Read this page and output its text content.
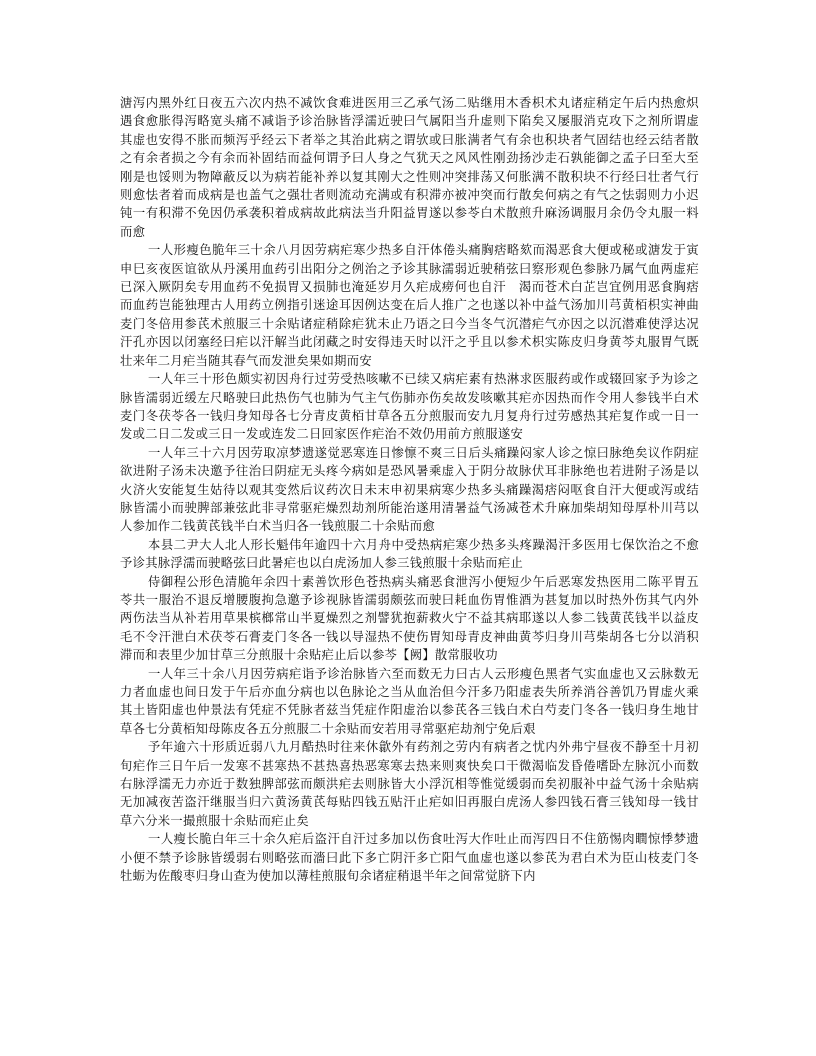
溏泻内黑外红日夜五六次内热不减饮食难进医用三乙承气汤二贴继用木香枳术丸诸症稍定午后内热愈炽遇食愈胀得泻略宽头痛不减诣予诊治脉皆浮濡近驶曰气属阳当升虚则下陷矣又屡服消克攻下之剂所谓虚其虚也安得不胀而频泻乎经云下者举之其治此病之谓欤或曰胀满者气有余也积块者气固结也经云结者散之有余者损之今有余而补固结而益何谓予曰人身之气犹天之风风性刚劲扬沙走石孰能御之孟子曰至大至刚是也馁则为物障蔽反以为病若能补养以复其刚大之性则冲突排荡又何胀满不散积块不行经曰壮者气行则愈怯者着而成病是也盖气之强壮者则流动充满或有积滞亦被冲突而行散矣何病之有气之怯弱则力小迟钝一有积滞不免因仍承袭积着成病故此病法当升阳益胃遂以参苓白术散煎升麻汤调服月余仍令丸服一料而愈

一人形瘦色脆年三十余八月因劳病疟寒少热多自汗体倦头痛胸痞略欬而渴恶食大便或秘或溏发于寅申巳亥夜医谊欲从丹溪用血药引出阳分之例治之予诊其脉濡弱近驶稍弦曰察形观色参脉乃属气血两虚疟已深入厥阴矣专用血药不免损胃又损肺也淹延岁月久疟成痨何也自汗　渴而苍术白芷岂宜例用恶食胸痞而血药岂能独理古人用药立例指引迷途耳因例达变在后人推广之也遂以补中益气汤加川芎黄栢枳实神曲麦门冬倍用参芪术煎服三十余贴诸症稍除疟犹未止乃语之曰今当冬气沉潜疟气亦因之以沉潜难使浮达况汗孔亦因以闭塞经曰疟以汗解当此闭藏之时安得违天时以汗之乎且以参术枳实陈皮归身黄芩丸服胃气既壮来年二月疟当随其春气而发泄矣果如期而安

一人年三十形色颇实初因舟行过劳受热咳嗽不已续又病疟素有热淋求医服药或作或辍回家予为诊之脉皆濡弱近缓左尺略驶曰此热伤气也肺为气主气伤肺亦伤矣故发咳嗽其疟亦因热而作令用人参钱半白术麦门冬茯苓各一钱归身知母各七分青皮黄栢甘草各五分煎服而安九月复舟行过劳感热其疟复作或一日一发或二日二发或三日一发或连发二日回家医作疟治不效仍用前方煎服遂安

一人年三十六月因劳取凉梦遗遂觉恶寒连日惨懔不爽三日后头痛躁闷家人诊之惊曰脉绝矣议作阴症欲进附子汤未决邀予往治曰阴症无头疼今病如是恐风暑乘虚入于阴分故脉伏耳非脉绝也若进附子汤是以火济火安能复生姑待以观其变然后议药次日未末申初果病寒少热多头痛躁渴痞闷呕食自汗大便或泻或结脉皆濡小而驶脾部兼弦此非寻常驱疟燥烈劫剂所能治遂用清暑益气汤减苍术升麻加柴胡知母厚朴川芎以人参加作二钱黄芪钱半白术当归各一钱煎服二十余贴而愈

本县二尹大人北人形长魁伟年逾四十六月舟中受热病疟寒少热多头疼躁渴汗多医用七保饮治之不愈予诊其脉浮濡而驶略弦曰此暑疟也以白虎汤加人参三钱煎服十余贴而疟止

侍御程公形色清脆年余四十素善饮形色苍热病头痛恶食泄泻小便短少午后恶寒发热医用二陈平胃五苓共一服治不退反增腰腹拘急邀予诊视脉皆濡弱颇弦而驶曰耗血伤胃惟酒为甚复加以时热外伤其气内外两伤法当从补若用草果槟榔常山半夏燥烈之剂譬犹抱薪救火宁不益其病耶遂以人参二钱黄芪钱半以益皮毛不令汗泄白术茯苓石膏麦门冬各一钱以导湿热不使伤胃知母青皮神曲黄芩归身川芎柴胡各七分以消积滞而和表里少加甘草三分煎服十余贴疟止后以参芩【阙】散常服收功

一人年三十余八月因劳病疟诣予诊治脉皆六至而数无力曰古人云形瘦色黑者气实血虚也又云脉数无力者血虚也间日发于午后亦血分病也以色脉论之当从血治但今汗多乃阳虚表失所养消谷善饥乃胃虚火乘其土皆阳虚也仲景法有凭症不凭脉者兹当凭症作阳虚治以参芪各三钱白术白芍麦门冬各一钱归身生地甘草各七分黄栢知母陈皮各五分煎服二十余贴而安若用寻常驱疟劫剂宁免后艰

予年逾六十形质近弱八九月酷热时往来休歙外有药剂之劳内有病者之忧内外弗宁昼夜不静至十月初旬疟作三日午后一发寒不甚寒热不甚热喜热恶寒寒去热来则爽快矣口干微渴临发昏倦嗜卧左脉沉小而数右脉浮濡无力亦近于数独脾部弦而颇洪疟去则脉皆大小浮沉相等惟觉缓弱而矣初服补中益气汤十余贴病无加减夜苦盗汗继服当归六黄汤黄芪每贴四钱五贴汗止疟如旧再服白虎汤人参四钱石膏三钱知母一钱甘草六分米一撮煎服十余贴而疟止矣

一人瘦长脆白年三十余久疟后盗汗自汗过多加以伤食吐泻大作吐止而泻四日不住筋惕肉瞤惊悸梦遗小便不禁予诊脉皆缓弱右则略弦而濇曰此下多亡阴汗多亡阳气血虚也遂以参芪为君白术为臣山枝麦门冬牡蛎为佐酸枣归身山查为使加以薄桂煎服旬余诸症稍退半年之间常觉脐下内
